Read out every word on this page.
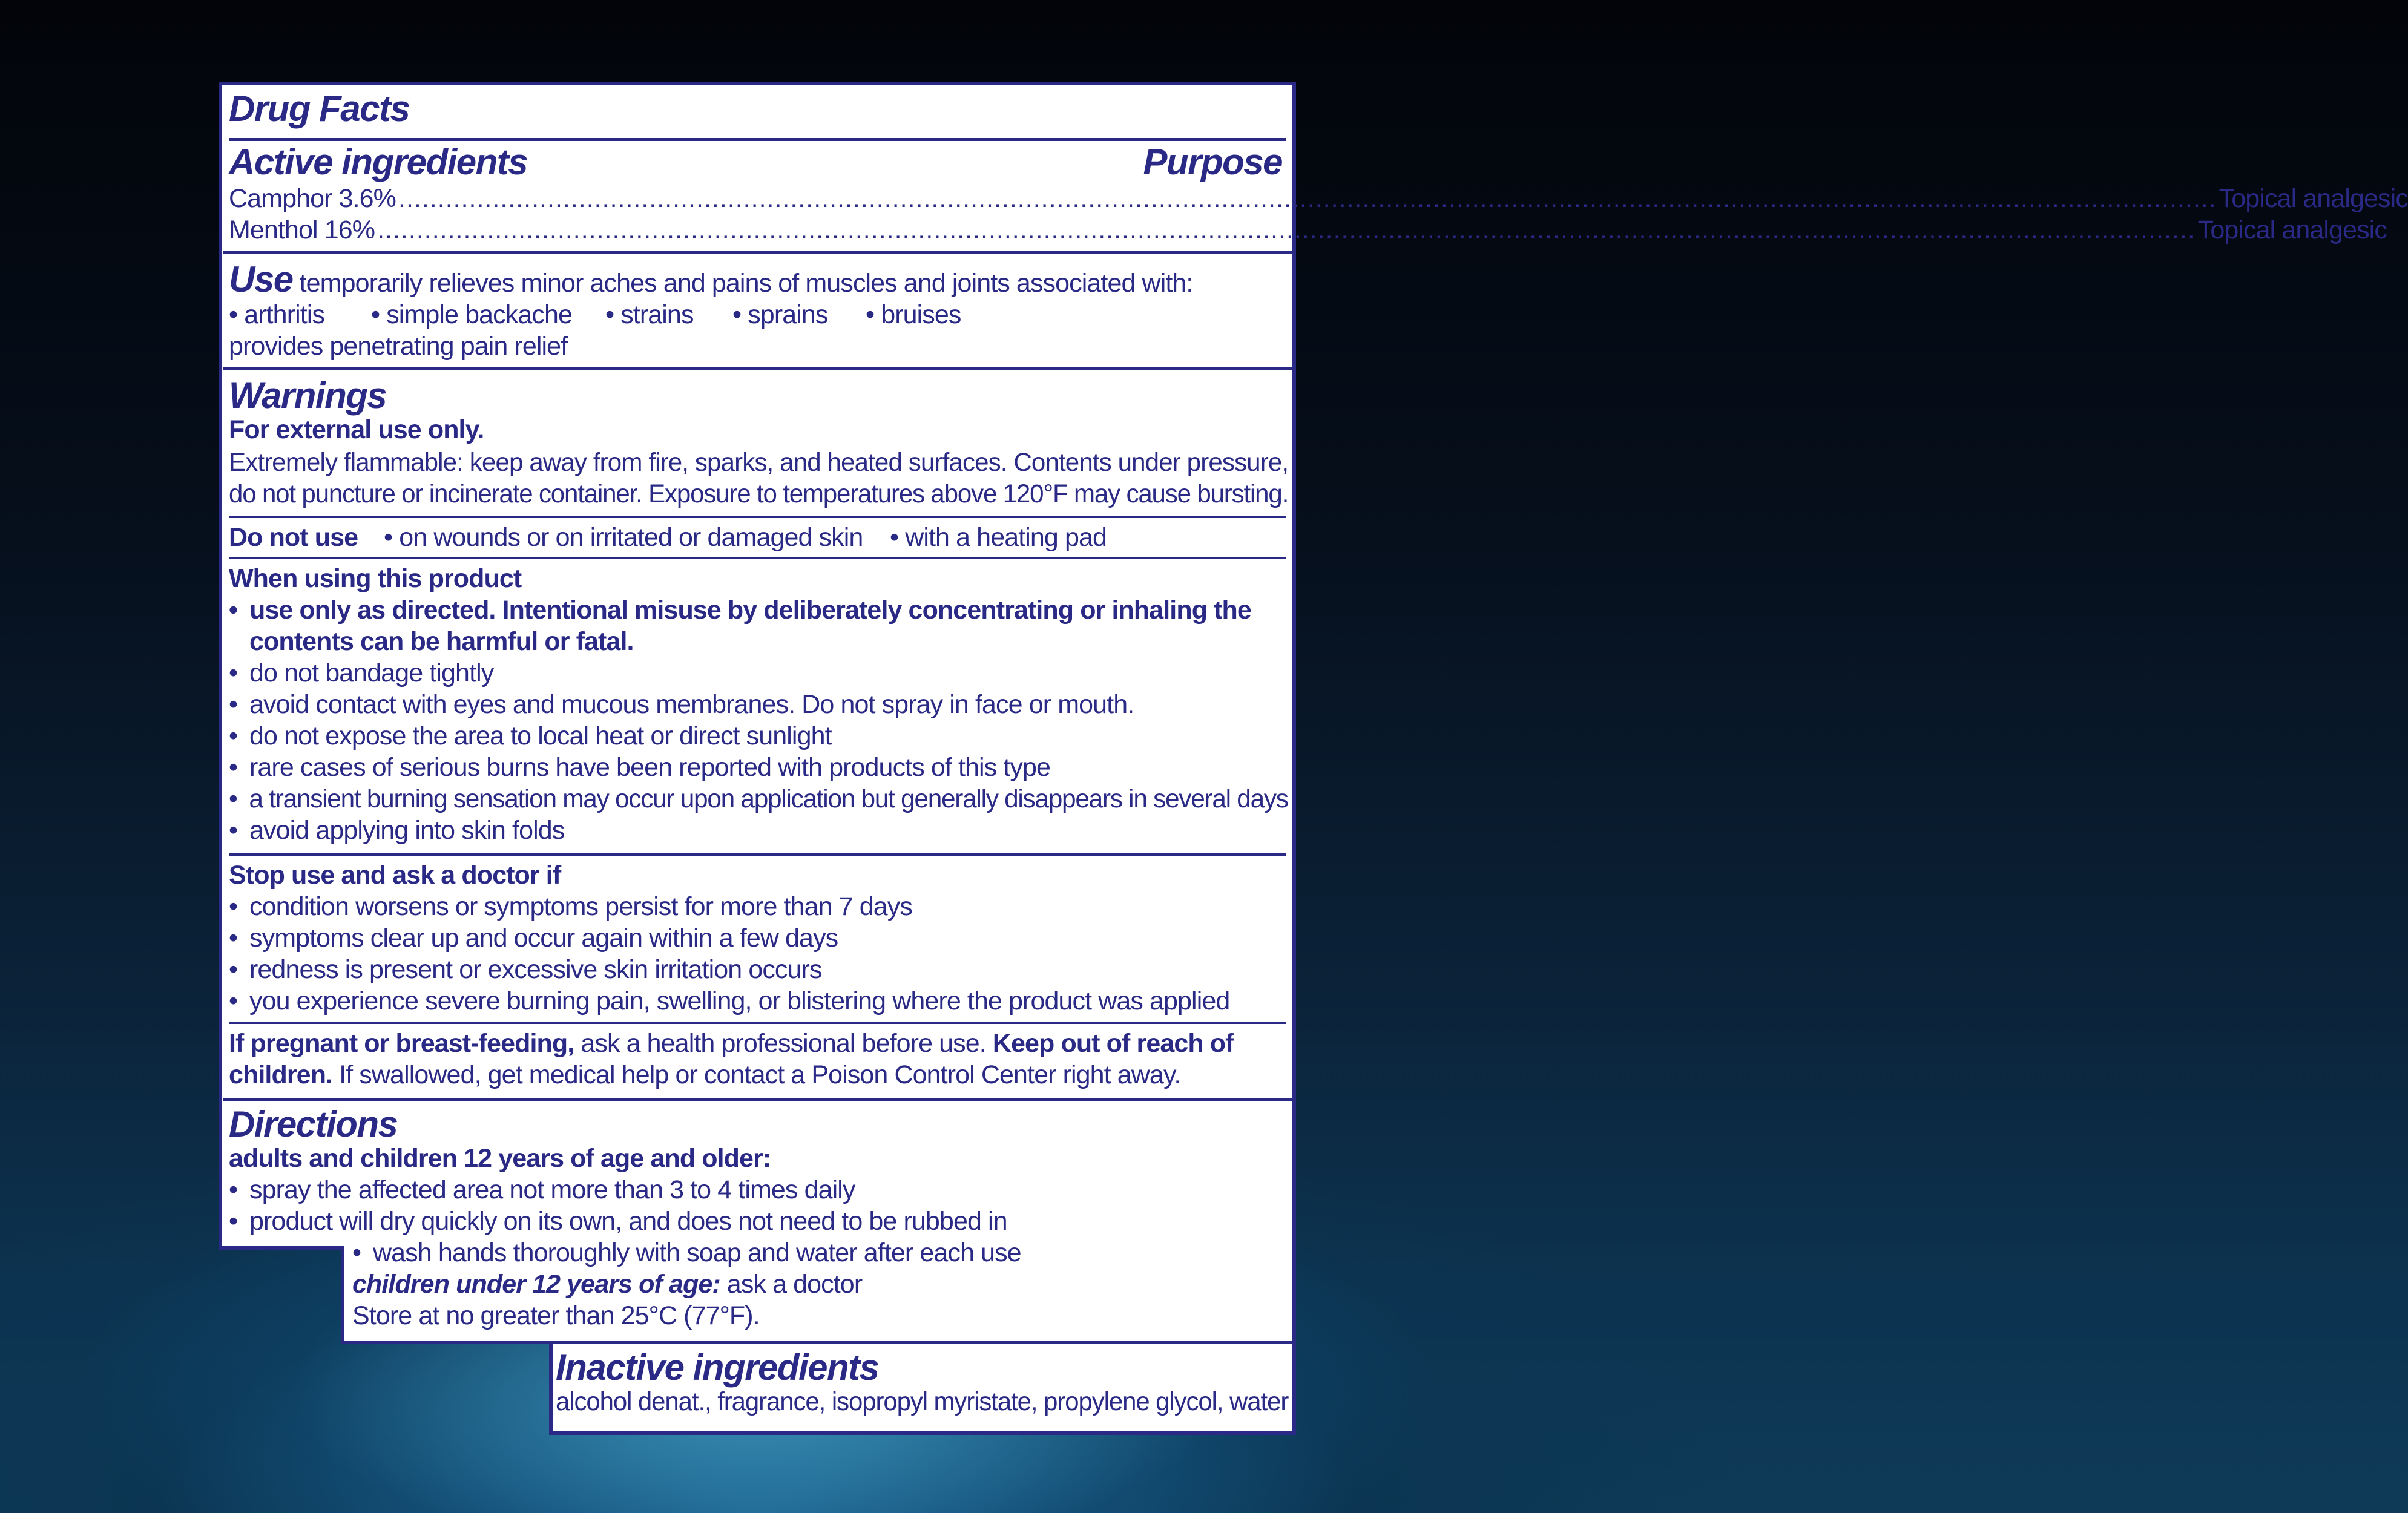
Drug Facts
Active ingredients	Purpose
Camphor 3.6% ........................................................................................................................................................................................................................................ Topical analgesic
Menthol 16% ........................................................................................................................................................................................................................................ Topical analgesic
Use temporarily relieves minor aches and pains of muscles and joints associated with:
• arthritis • simple backache • strains • sprains • bruises
provides penetrating pain relief
Warnings
For external use only.
Extremely flammable: keep away from fire, sparks, and heated surfaces. Contents under pressure,
do not puncture or incinerate container. Exposure to temperatures above 120°F may cause bursting.
Do not use • on wounds or on irritated or damaged skin • with a heating pad
When using this product
• use only as directed. Intentional misuse by deliberately concentrating or inhaling the
contents can be harmful or fatal.
• do not bandage tightly
• avoid contact with eyes and mucous membranes. Do not spray in face or mouth.
• do not expose the area to local heat or direct sunlight
• rare cases of serious burns have been reported with products of this type
• a transient burning sensation may occur upon application but generally disappears in several days
• avoid applying into skin folds
Stop use and ask a doctor if
• condition worsens or symptoms persist for more than 7 days
• symptoms clear up and occur again within a few days
• redness is present or excessive skin irritation occurs
• you experience severe burning pain, swelling, or blistering where the product was applied
If pregnant or breast-feeding, ask a health professional before use. Keep out of reach of
children. If swallowed, get medical help or contact a Poison Control Center right away.
Directions
adults and children 12 years of age and older:
• spray the affected area not more than 3 to 4 times daily
• product will dry quickly on its own, and does not need to be rubbed in
• wash hands thoroughly with soap and water after each use
children under 12 years of age: ask a doctor
Store at no greater than 25°C (77°F).
Inactive ingredients
alcohol denat., fragrance, isopropyl myristate, propylene glycol, water
